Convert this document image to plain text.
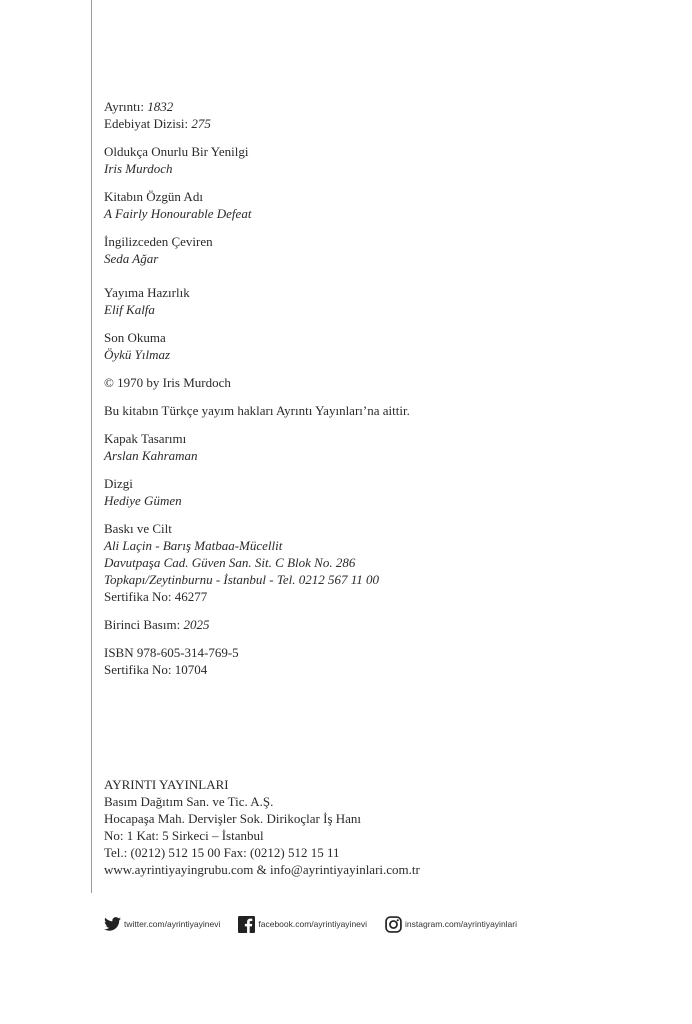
Ayrıntı: 1832
Edebiyat Dizisi: 275
Oldukça Onurlu Bir Yenilgi
Iris Murdoch
Kitabın Özgün Adı
A Fairly Honourable Defeat
İngilizceden Çeviren
Seda Ağar
Yayıma Hazırlık
Elif Kalfa
Son Okuma
Öykü Yılmaz
© 1970 by Iris Murdoch
Bu kitabın Türkçe yayım hakları Ayrıntı Yayınları’na aittir.
Kapak Tasarımı
Arslan Kahraman
Dizgi
Hediye Gümen
Baskı ve Cilt
Ali Laçin - Barış Matbaa-Mücellit
Davutpaşa Cad. Güven San. Sit. C Blok No. 286
Topkapı/Zeytinburnu - İstanbul - Tel. 0212 567 11 00
Sertifika No: 46277
Birinci Basım: 2025
ISBN 978-605-314-769-5
Sertifika No: 10704
AYRINTI YAYINLARI
Basım Dağıtım San. ve Tic. A.Ş.
Hocapaşa Mah. Dervişler Sok. Dirikoçlar İş Hanı
No: 1 Kat: 5 Sirkeci – İstanbul
Tel.: (0212) 512 15 00 Fax: (0212) 512 15 11
www.ayrintiyayingrubu.com & info@ayrintiyayinlari.com.tr
twitter.com/ayrintiyayinevi	facebook.com/ayrintiyayinevi	instagram.com/ayrintiyayinlari
